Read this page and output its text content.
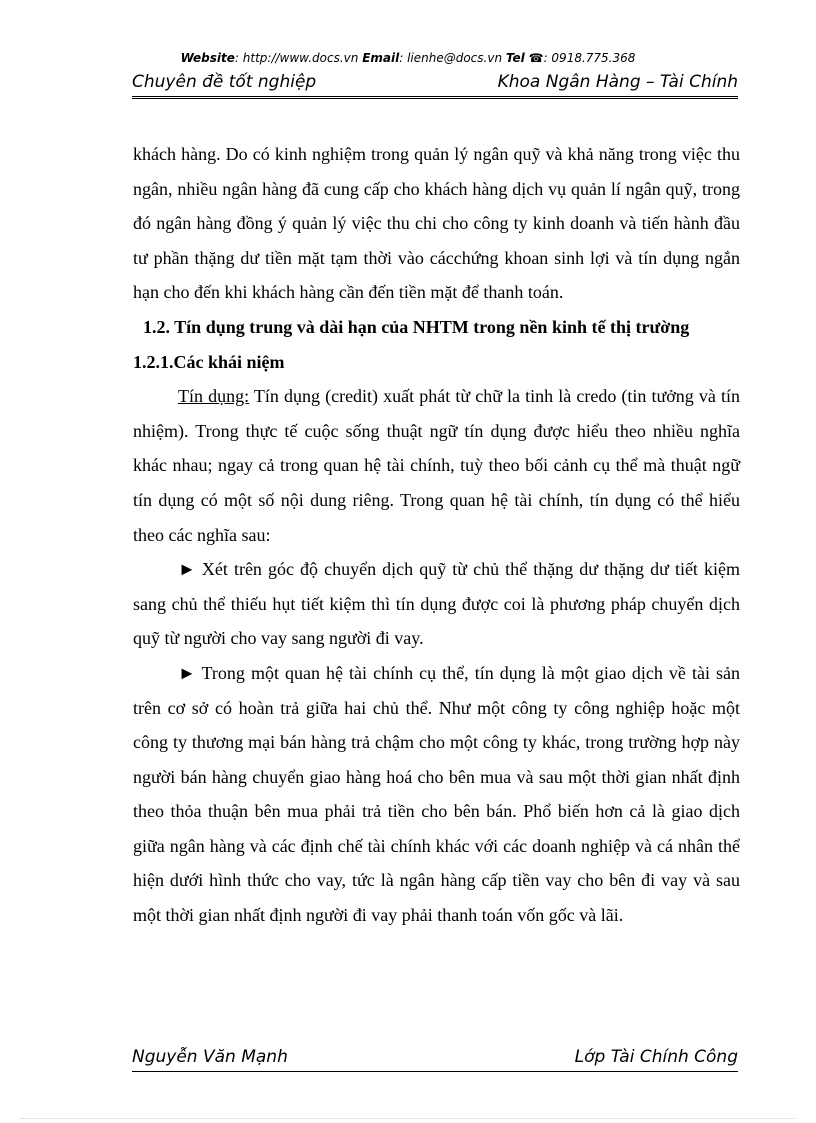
Website: http://www.docs.vn Email: lienhe@docs.vn Tel ☎: 0918.775.368
Chuyên đề tốt nghiệp	Khoa Ngân Hàng – Tài Chính

khách hàng. Do có kinh nghiệm trong quản lý ngân quỹ và khả năng trong việc thu ngân, nhiều ngân hàng đã cung cấp cho khách hàng dịch vụ quản lí ngân quỹ, trong đó ngân hàng đồng ý quản lý việc thu chi cho công ty kinh doanh và tiến hành đầu tư phần thặng dư tiền mặt tạm thời vào cácchứng khoan sinh lợi và tín dụng ngắn hạn cho đến khi khách hàng cần đến tiền mặt để thanh toán.

1.2. Tín dụng trung và dài hạn của NHTM trong nền kinh tế thị trường

1.2.1.Các khái niệm

Tín dụng: Tín dụng (credit) xuất phát từ chữ la tinh là credo (tin tưởng và tín nhiệm). Trong thực tế cuộc sống thuật ngữ tín dụng được hiểu theo nhiều nghĩa khác nhau; ngay cả trong quan hệ tài chính, tuỳ theo bối cảnh cụ thể mà thuật ngữ tín dụng có một số nội dung riêng. Trong quan hệ tài chính, tín dụng có thể hiểu theo các nghĩa sau:

► Xét trên góc độ chuyển dịch quỹ từ chủ thể thặng dư thặng dư tiết kiệm sang chủ thể thiếu hụt tiết kiệm thì tín dụng được coi là phương pháp chuyển dịch quỹ từ người cho vay sang người đi vay.

► Trong một quan hệ tài chính cụ thể, tín dụng là một giao dịch về tài sản trên cơ sở có hoàn trả giữa hai chủ thể. Như một công ty công nghiệp hoặc một công ty thương mại bán hàng trả chậm cho một công ty khác, trong trường hợp này người bán hàng chuyển giao hàng hoá cho bên mua và sau một thời gian nhất định theo thỏa thuận bên mua phải trả tiền cho bên bán. Phổ biến hơn cả là giao dịch giữa ngân hàng và các định chế tài chính khác với các doanh nghiệp và cá nhân thể hiện dưới hình thức cho vay, tức là ngân hàng cấp tiền vay cho bên đi vay và sau một thời gian nhất định người đi vay phải thanh toán vốn gốc và lãi.

Nguyễn Văn Mạnh	Lớp Tài Chính Công
